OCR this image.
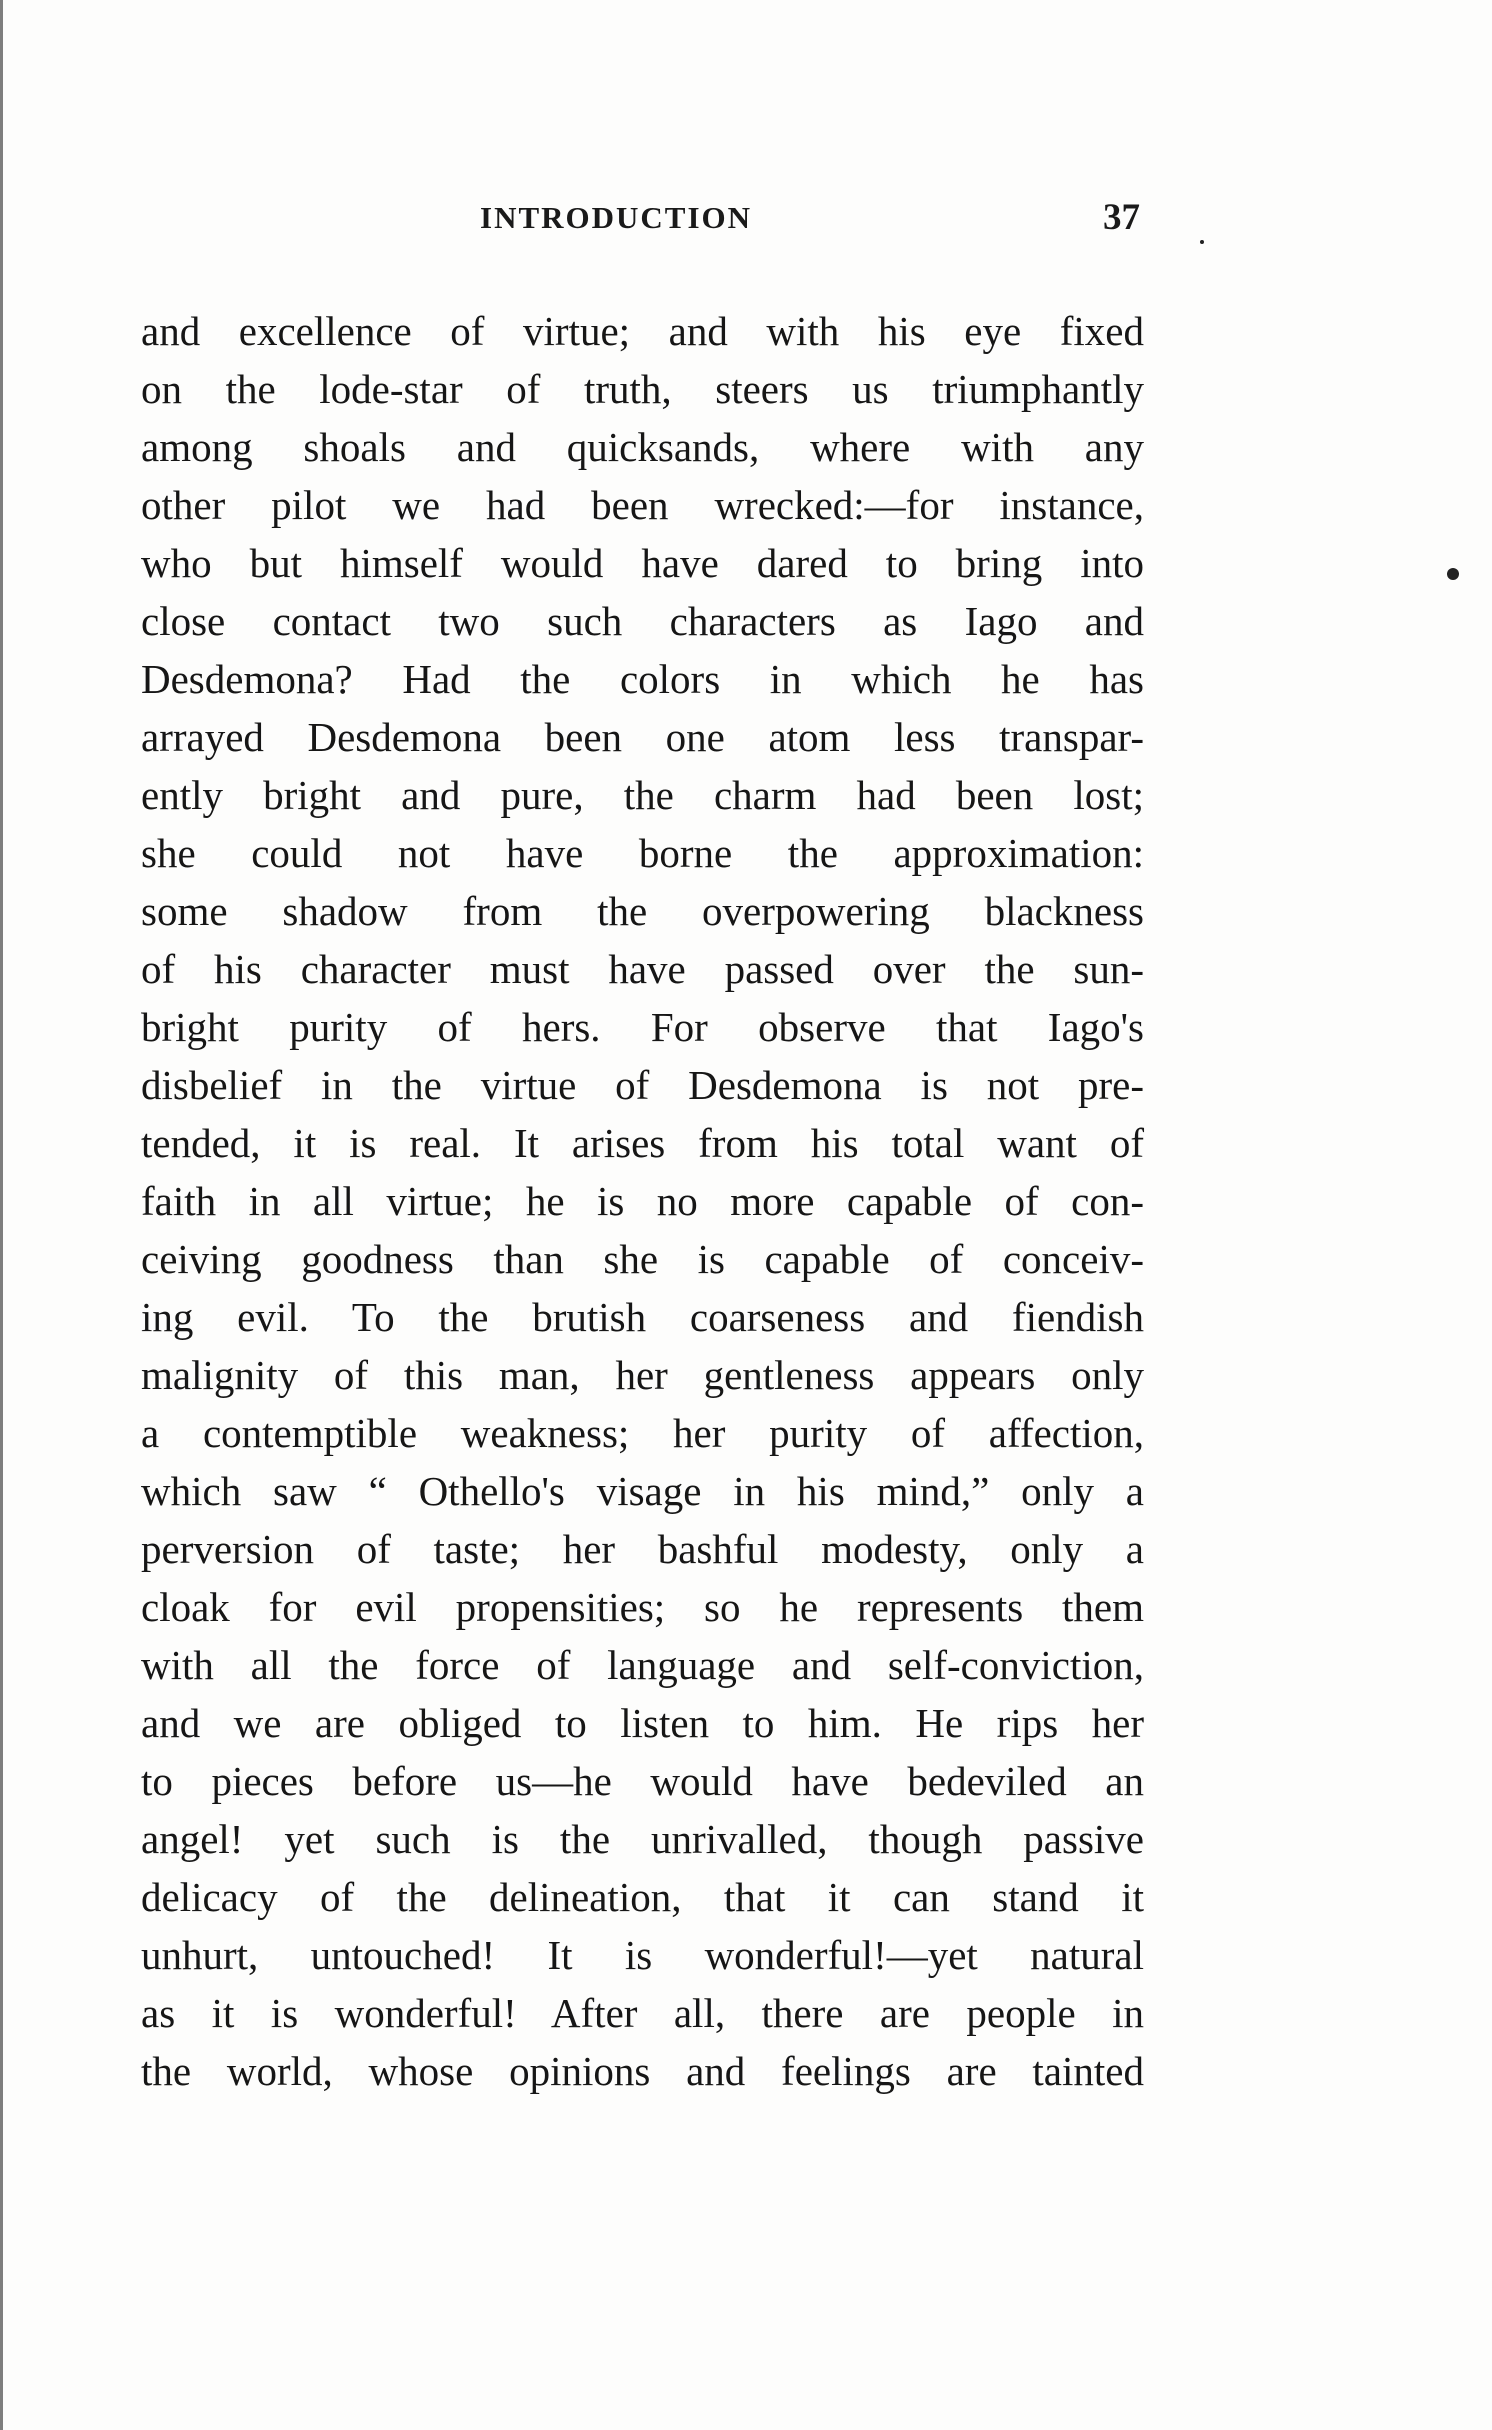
INTRODUCTION	37
and excellence of virtue; and with his eye fixed
on the lode-star of truth, steers us triumphantly
among shoals and quicksands, where with any
other pilot we had been wrecked:—for instance,
who but himself would have dared to bring into
close contact two such characters as Iago and
Desdemona? Had the colors in which he has
arrayed Desdemona been one atom less transpar-
ently bright and pure, the charm had been lost;
she could not have borne the approximation:
some shadow from the overpowering blackness
of his character must have passed over the sun-
bright purity of hers. For observe that Iago's
disbelief in the virtue of Desdemona is not pre-
tended, it is real. It arises from his total want of
faith in all virtue; he is no more capable of con-
ceiving goodness than she is capable of conceiv-
ing evil. To the brutish coarseness and fiendish
malignity of this man, her gentleness appears only
a contemptible weakness; her purity of affection,
which saw “ Othello's visage in his mind,” only a
perversion of taste; her bashful modesty, only a
cloak for evil propensities; so he represents them
with all the force of language and self-conviction,
and we are obliged to listen to him. He rips her
to pieces before us—he would have bedeviled an
angel! yet such is the unrivalled, though passive
delicacy of the delineation, that it can stand it
unhurt, untouched! It is wonderful!—yet natural
as it is wonderful! After all, there are people in
the world, whose opinions and feelings are tainted
